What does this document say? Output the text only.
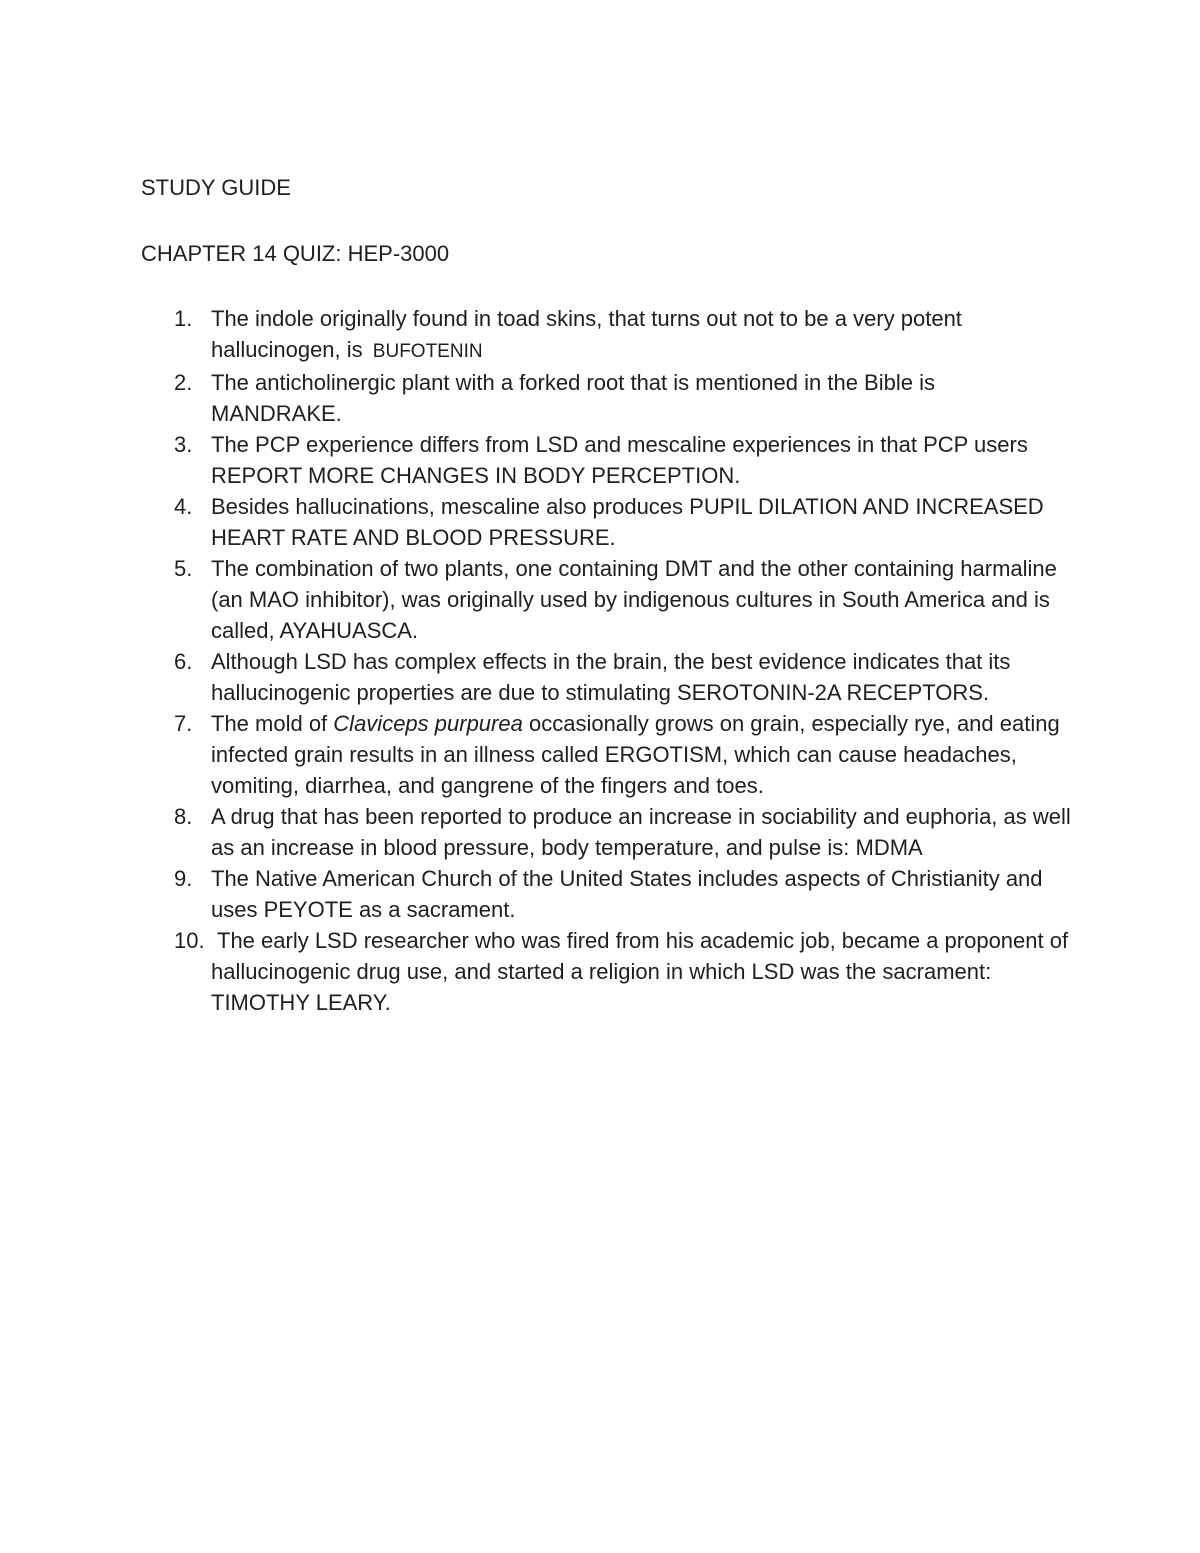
STUDY GUIDE
CHAPTER 14 QUIZ: HEP-3000
1. The indole originally found in toad skins, that turns out not to be a very potent hallucinogen, is BUFOTENIN
2. The anticholinergic plant with a forked root that is mentioned in the Bible is MANDRAKE.
3. The PCP experience differs from LSD and mescaline experiences in that PCP users REPORT MORE CHANGES IN BODY PERCEPTION.
4. Besides hallucinations, mescaline also produces PUPIL DILATION AND INCREASED HEART RATE AND BLOOD PRESSURE.
5. The combination of two plants, one containing DMT and the other containing harmaline (an MAO inhibitor), was originally used by indigenous cultures in South America and is called, AYAHUASCA.
6. Although LSD has complex effects in the brain, the best evidence indicates that its hallucinogenic properties are due to stimulating SEROTONIN-2A RECEPTORS.
7. The mold of Claviceps purpurea occasionally grows on grain, especially rye, and eating infected grain results in an illness called ERGOTISM, which can cause headaches, vomiting, diarrhea, and gangrene of the fingers and toes.
8. A drug that has been reported to produce an increase in sociability and euphoria, as well as an increase in blood pressure, body temperature, and pulse is: MDMA
9. The Native American Church of the United States includes aspects of Christianity and uses PEYOTE as a sacrament.
10. The early LSD researcher who was fired from his academic job, became a proponent of hallucinogenic drug use, and started a religion in which LSD was the sacrament: TIMOTHY LEARY.
